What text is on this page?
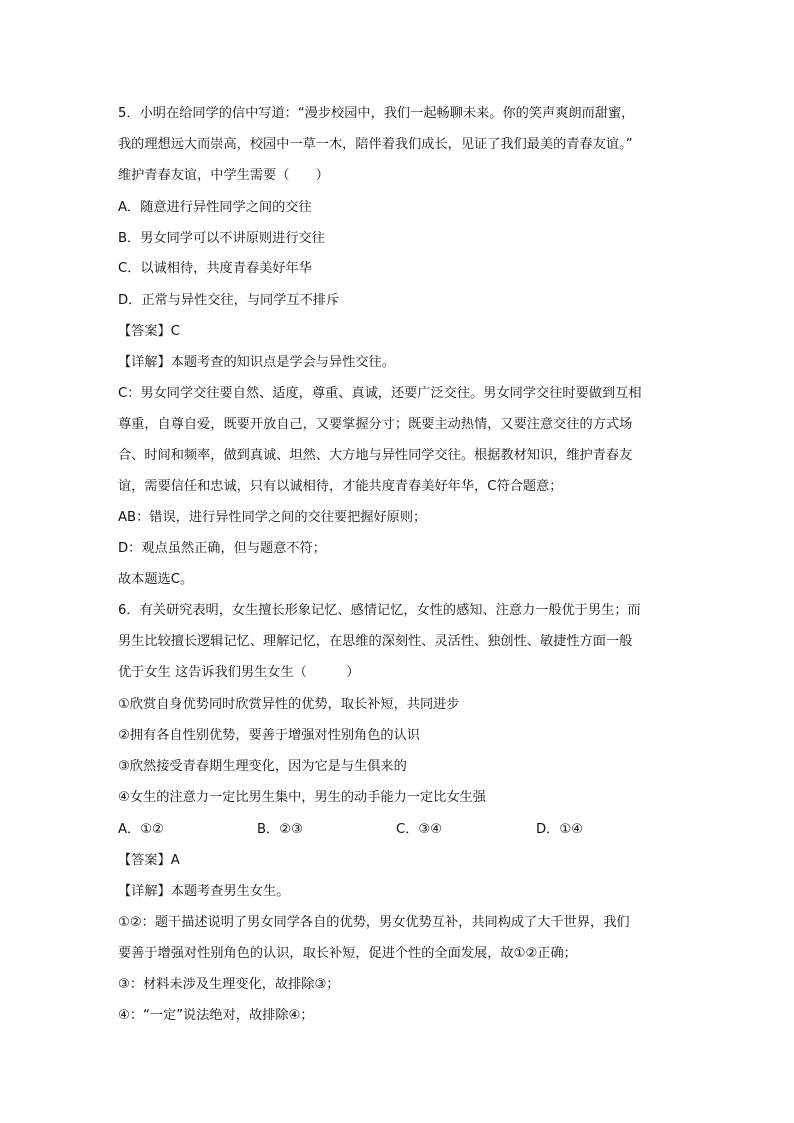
5．小明在给同学的信中写道：“漫步校园中，我们一起畅聊未来。你的笑声爽朗而甜蜜，
我的理想远大而崇高，校园中一草一木，陪伴着我们成长，见证了我们最美的青春友谊。”
维护青春友谊，中学生需要（　　）
A．随意进行异性同学之间的交往
B．男女同学可以不讲原则进行交往
C．以诚相待，共度青春美好年华
D．正常与异性交往，与同学互不排斥
【答案】C
【详解】本题考查的知识点是学会与异性交往。
C：男女同学交往要自然、适度，尊重、真诚，还要广泛交往。男女同学交往时要做到互相
尊重，自尊自爱，既要开放自己，又要掌握分寸；既要主动热情，又要注意交往的方式场
合、时间和频率，做到真诚、坦然、大方地与异性同学交往。根据教材知识，维护青春友
谊，需要信任和忠诚，只有以诚相待，才能共度青春美好年华，C符合题意；
AB：错误，进行异性同学之间的交往要把握好原则；
D：观点虽然正确，但与题意不符；
故本题选C。
6．有关研究表明，女生擅长形象记忆、感情记忆，女性的感知、注意力一般优于男生；而
男生比较擅长逻辑记忆、理解记忆，在思维的深刻性、灵活性、独创性、敏捷性方面一般
优于女生 这告诉我们男生女生（　　　）
①欣赏自身优势同时欣赏异性的优势，取长补短，共同进步
②拥有各自性别优势，要善于增强对性别角色的认识
③欣然接受青春期生理变化，因为它是与生俱来的
④女生的注意力一定比男生集中，男生的动手能力一定比女生强
A．①②	B．②③	C．③④	D．①④
【答案】A
【详解】本题考查男生女生。
①②：题干描述说明了男女同学各自的优势，男女优势互补，共同构成了大千世界，我们
要善于增强对性别角色的认识，取长补短，促进个性的全面发展，故①②正确；
③：材料未涉及生理变化，故排除③；
④：“一定”说法绝对，故排除④；
